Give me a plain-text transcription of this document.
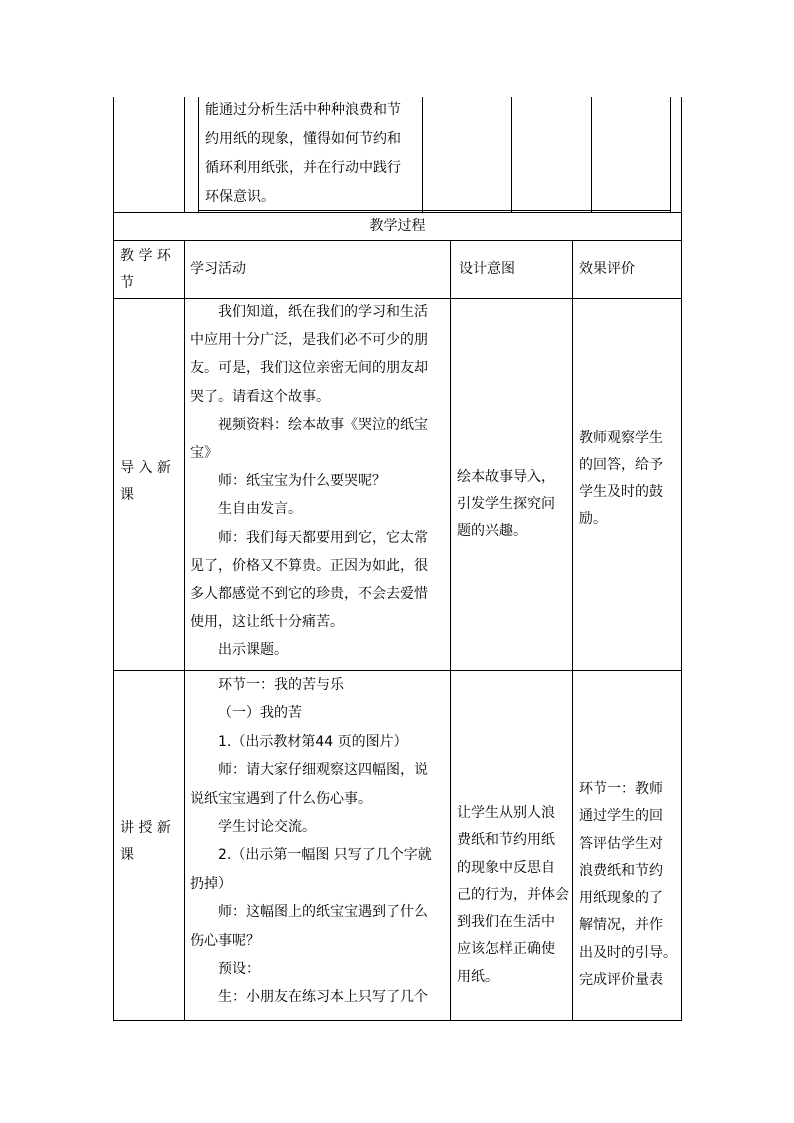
能通过分析生活中种种浪费和节
约用纸的现象，懂得如何节约和
循环利用纸张，并在行动中践行
环保意识。
教学过程
教 学 环
节
学习活动	设计意图	效果评价
导 入 新
课
我们知道，纸在我们的学习和生活
中应用十分广泛，是我们必不可少的朋
友。可是，我们这位亲密无间的朋友却
哭了。请看这个故事。
视频资料：绘本故事《哭泣的纸宝
宝》
师：纸宝宝为什么要哭呢？
生自由发言。
师：我们每天都要用到它，它太常
见了，价格又不算贵。正因为如此，很
多人都感觉不到它的珍贵，不会去爱惜
使用，这让纸十分痛苦。
出示课题。
绘本故事导入，
引发学生探究问
题的兴趣。
教师观察学生
的回答，给予
学生及时的鼓
励。
讲 授 新
课
环节一：我的苦与乐
（一）我的苦
1.（出示教材第44 页的图片）
师：请大家仔细观察这四幅图，说
说纸宝宝遇到了什么伤心事。
学生讨论交流。
2.（出示第一幅图 只写了几个字就
扔掉）
师：这幅图上的纸宝宝遇到了什么
伤心事呢？
预设：
生：小朋友在练习本上只写了几个
让学生从别人浪
费纸和节约用纸
的现象中反思自
己的行为，并体会
到我们在生活中
应该怎样正确使
用纸。
环节一：教师
通过学生的回
答评估学生对
浪费纸和节约
用纸现象的了
解情况，并作
出及时的引导。
完成评价量表
